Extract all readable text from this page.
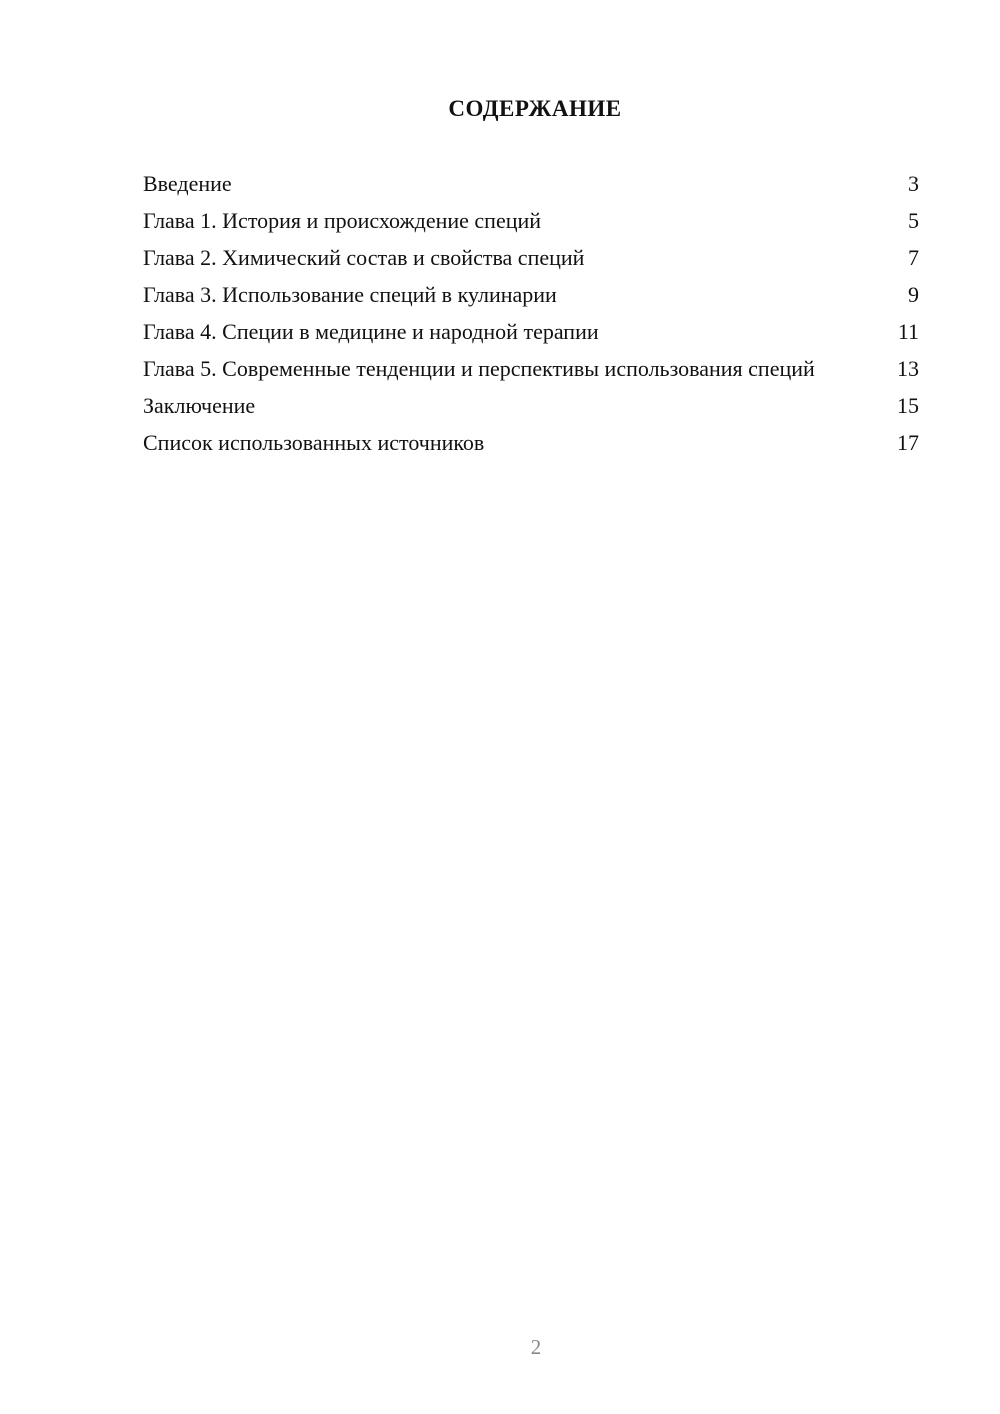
СОДЕРЖАНИЕ
Введение	3
Глава 1. История и происхождение специй	5
Глава 2. Химический состав и свойства специй	7
Глава 3. Использование специй в кулинарии	9
Глава 4. Специи в медицине и народной терапии	11
Глава 5. Современные тенденции и перспективы использования специй	13
Заключение	15
Список использованных источников	17
2
